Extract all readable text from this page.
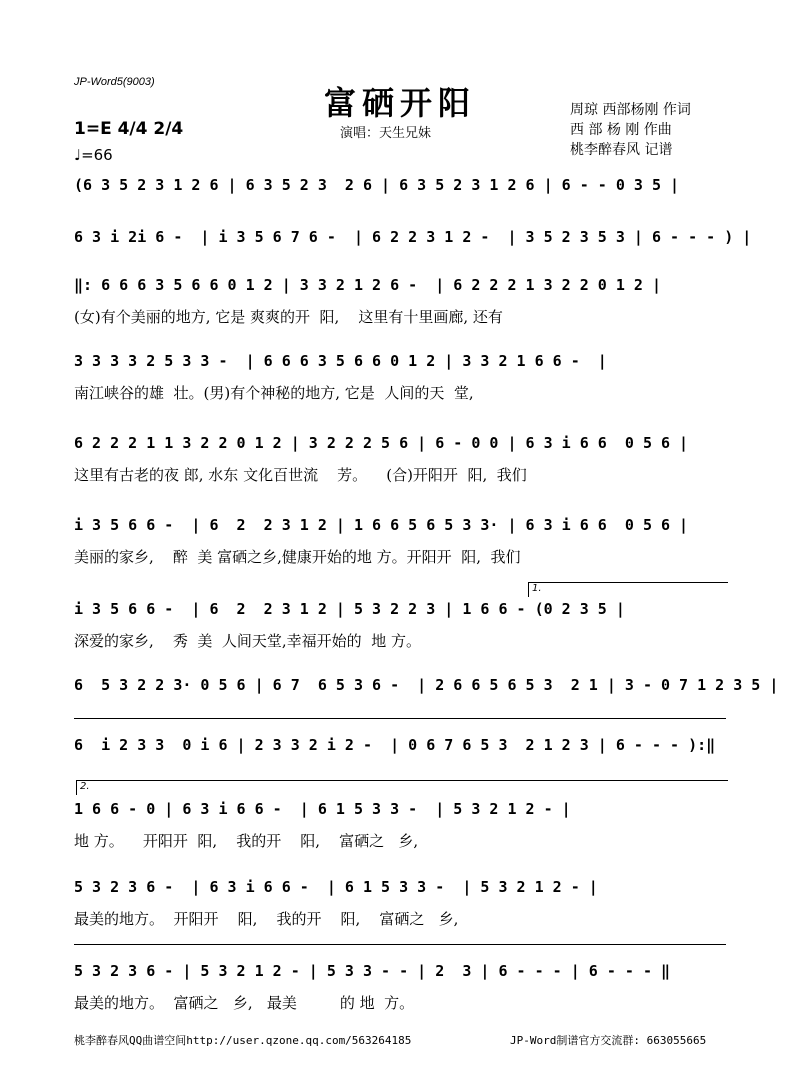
JP-Word5(9003)
富硒开阳
演唱：天生兄妹
周琼 西部杨刚 作词
西 部 杨 刚 作曲
桃李醉春风 记谱
1=E 4/4 2/4
♩=66
(6 3 5 2 3 1 2 6 | 6 3 5 2 3  2 6 | 6 3 5 2 3 1 2 6 | 6 - - 0 3 5 |
6 3 i 2i 6 -  | i 3 5 6 7 6 -  | 6 2 2 3 1 2 -  | 3 5 2 3 5 3 | 6 - - - ) |
‖: 6 6 6 3 5 6 6 0 1 2 | 3 3 2 1 2 6 -  | 6 2 2 2 1 3 2 2 0 1 2 |
(女)有个美丽的地方, 它是 爽爽的开  阳,    这里有十里画廊, 还有
3 3 3 3 2 5 3 3 -  | 6 6 6 3 5 6 6 0 1 2 | 3 3 2 1 6 6 -  |
南江峡谷的雄  壮。(男)有个神秘的地方, 它是  人间的天  堂,
6 2 2 2 1 1 3 2 2 0 1 2 | 3 2 2 2 5 6 | 6 - 0 0 | 6 3 i 6 6  0 5 6 |
这里有古老的夜 郎, 水东 文化百世流    芳。    (合)开阳开  阳,  我们
i 3 5 6 6 -  | 6  2  2 3 1 2 | 1 6 6 5 6 5 3 3· | 6 3 i 6 6  0 5 6 |
美丽的家乡,    醉  美 富硒之乡,健康开始的地 方。开阳开  阳,  我们
1.
i 3 5 6 6 -  | 6  2  2 3 1 2 | 5 3 2 2 3 | 1 6 6 - (0 2 3 5 |
深爱的家乡,    秀  美  人间天堂,幸福开始的  地 方。
6  5 3 2 2 3· 0 5 6 | 6 7  6 5 3 6 -  | 2 6 6 5 6 5 3  2 1 | 3 - 0 7 1 2 3 5 |
6  i 2 3 3  0 i 6 | 2 3 3 2 i 2 -  | 0 6 7 6 5 3  2 1 2 3 | 6 - - - ):‖
2.
1 6 6 - 0 | 6 3 i 6 6 -  | 6 1 5 3 3 -  | 5 3 2 1 2 - |
地 方。    开阳开  阳,    我的开    阳,    富硒之   乡,
5 3 2 3 6 -  | 6 3 i 6 6 -  | 6 1 5 3 3 -  | 5 3 2 1 2 - |
最美的地方。  开阳开    阳,    我的开    阳,    富硒之   乡,
5 3 2 3 6 - | 5 3 2 1 2 - | 5 3 3 - - | 2  3 | 6 - - - | 6 - - - ‖
最美的地方。  富硒之   乡,   最美         的 地  方。
桃李醉春风QQ曲谱空间http://user.qzone.qq.com/563264185	JP-Word制谱官方交流群: 663055665
